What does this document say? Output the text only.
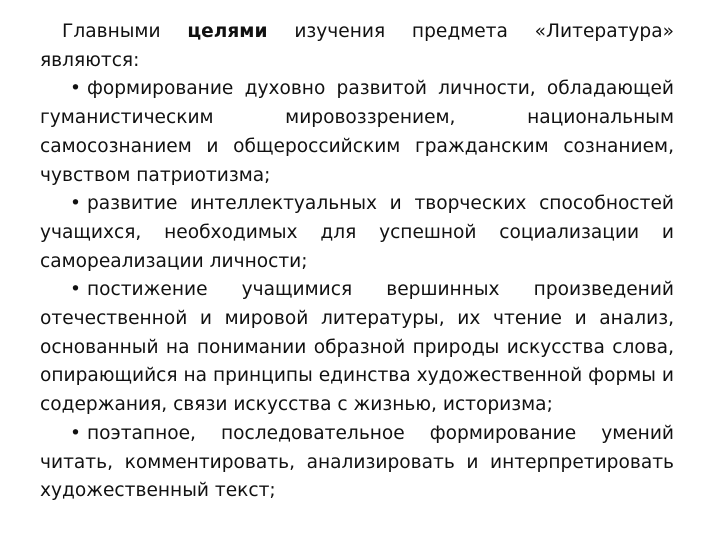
Главными целями изучения предмета «Литература» являются:

• формирование духовно развитой личности, обладающей гуманистическим мировоззрением, национальным самосознанием и общероссийским гражданским сознанием, чувством патриотизма;

• развитие интеллектуальных и творческих способностей учащихся, необходимых для успешной социализации и самореализации личности;

• постижение учащимися вершинных произведений отечественной и мировой литературы, их чтение и анализ, основанный на понимании образной природы искусства слова, опирающийся на принципы единства художественной формы и содержания, связи искусства с жизнью, историзма;

• поэтапное, последовательное формирование умений читать, комментировать, анализировать и интерпретировать художественный текст;
